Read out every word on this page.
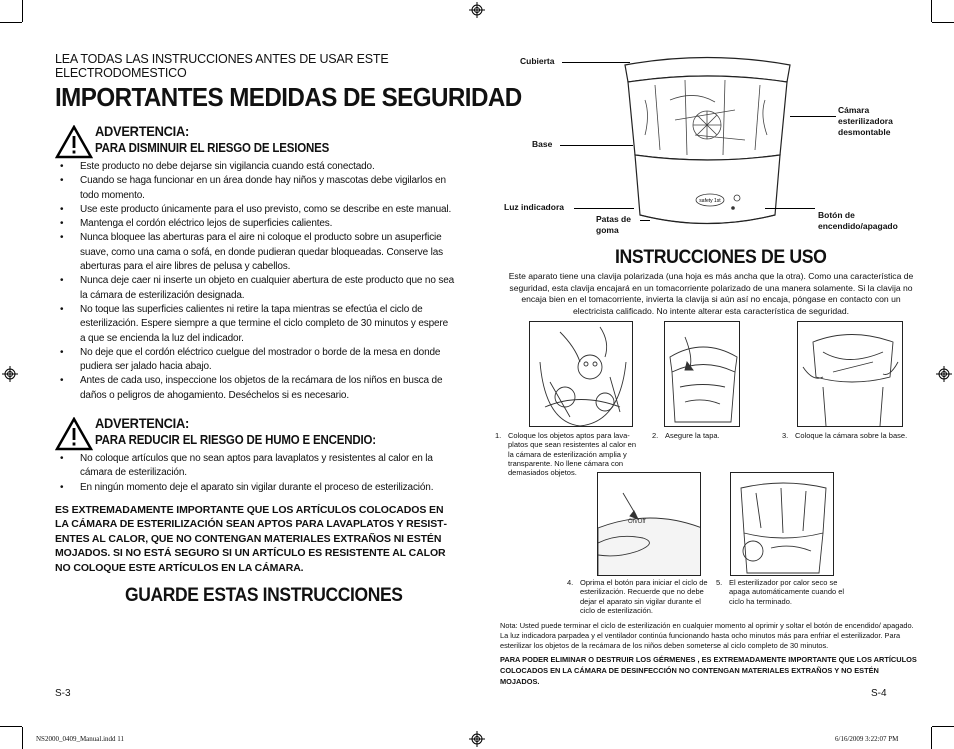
LEA TODAS LAS INSTRUCCIONES ANTES DE USAR ESTE ELECTRODOMESTICO
IMPORTANTES MEDIDAS DE SEGURIDAD
ADVERTENCIA:
PARA DISMINUIR EL RIESGO DE LESIONES
• Este producto no debe dejarse sin vigilancia cuando está conectado.
• Cuando se haga funcionar en un área donde hay niños y mascotas debe vigilarlos en todo momento.
• Use este producto únicamente para el uso previsto, como se describe en este manual.
• Mantenga el cordón eléctrico lejos de superficies calientes.
• Nunca bloquee las aberturas para el aire ni coloque el producto sobre un asuperficie suave, como una cama o sofá, en donde pudieran quedar bloqueadas. Conserve las aberturas para el aire libres de pelusa y cabellos.
• Nunca deje caer ni inserte un objeto en cualquier abertura de este producto que no sea la cámara de esterilización designada.
• No toque las superficies calientes ni retire la tapa mientras se efectúa el ciclo de esterilización. Espere siempre a que termine el ciclo completo de 30 minutos y espere a que se encienda la luz del indicador.
• No deje que el cordón eléctrico cuelgue del mostrador o borde de la mesa en donde pudiera ser jalado hacia abajo.
• Antes de cada uso, inspeccione los objetos de la recámara de los niños en busca de daños o peligros de ahogamiento. Deséchelos si es necesario.
ADVERTENCIA:
PARA REDUCIR EL RIESGO DE HUMO E ENCENDIO:
• No coloque artículos que no sean aptos para lavaplatos y resistentes al calor en la cámara de esterilización.
• En ningún momento deje el aparato sin vigilar durante el proceso de esterilización.
ES EXTREMADAMENTE IMPORTANTE QUE LOS ARTÍCULOS COLOCADOS EN LA CÁMARA DE ESTERILIZACIÓN SEAN APTOS PARA LAVAPLATOS Y RESISTENTES AL CALOR, QUE NO CONTENGAN MATERIALES EXTRAÑOS NI ESTÉN MOJADOS. SI NO ESTÁ SEGURO SI UN ARTÍCULO ES RESISTENTE AL CALOR NO COLOQUE ESTE ARTÍCULOS EN LA CÁMARA.
GUARDE ESTAS INSTRUCCIONES
S-3
safety 1st
Cubierta
Cámara esterilizadora desmontable
Base
Luz indicadora
Patas de goma
Botón de encendido/apagado
INSTRUCCIONES DE USO
Este aparato tiene una clavija polarizada (una hoja es más ancha que la otra). Como una característica de seguridad, esta clavija encajará en un tomacorriente polarizado de una manera solamente. Si la clavija no encaja bien en el tomacorriente, invierta la clavija si aún así no encaja, póngase en contacto con un electricista calificado. No intente alterar esta característica de seguridad.
1. Coloque los objetos aptos para lavaplatos que sean resistentes al calor en la cámara de esterilización amplia y transparente. No llene cámara con demasiados objetos.
2. Asegure la tapa.	3. Coloque la cámara sobre la base.
On/Off
4. Oprima el botón para iniciar el ciclo de esterilización. Recuerde que no debe dejar el aparato sin vigilar durante el ciclo de esterilización.
5. El esterilizador por calor seco se apaga automáticamente cuando el ciclo ha terminado.
Nota: Usted puede terminar el ciclo de esterilización en cualquier momento al oprimir y soltar el botón de encendido/ apagado. La luz indicadora parpadea y el ventilador continúa funcionando hasta ocho minutos más para enfriar el esterilizador. Para esterilizar los objetos de la recámara de los niños deben someterse al ciclo completo de 30 minutos.
PARA PODER ELIMINAR O DESTRUIR LOS GÉRMENES , ES EXTREMADAMENTE IMPORTANTE QUE LOS ARTÍCULOS COLOCADOS EN LA CÁMARA DE DESINFECCIÓN NO CONTENGAN MATERIALES EXTRAÑOS Y NO ESTÉN MOJADOS.
S-4
NS2000_0409_Manual.indd 11	6/16/2009 3:22:07 PM
